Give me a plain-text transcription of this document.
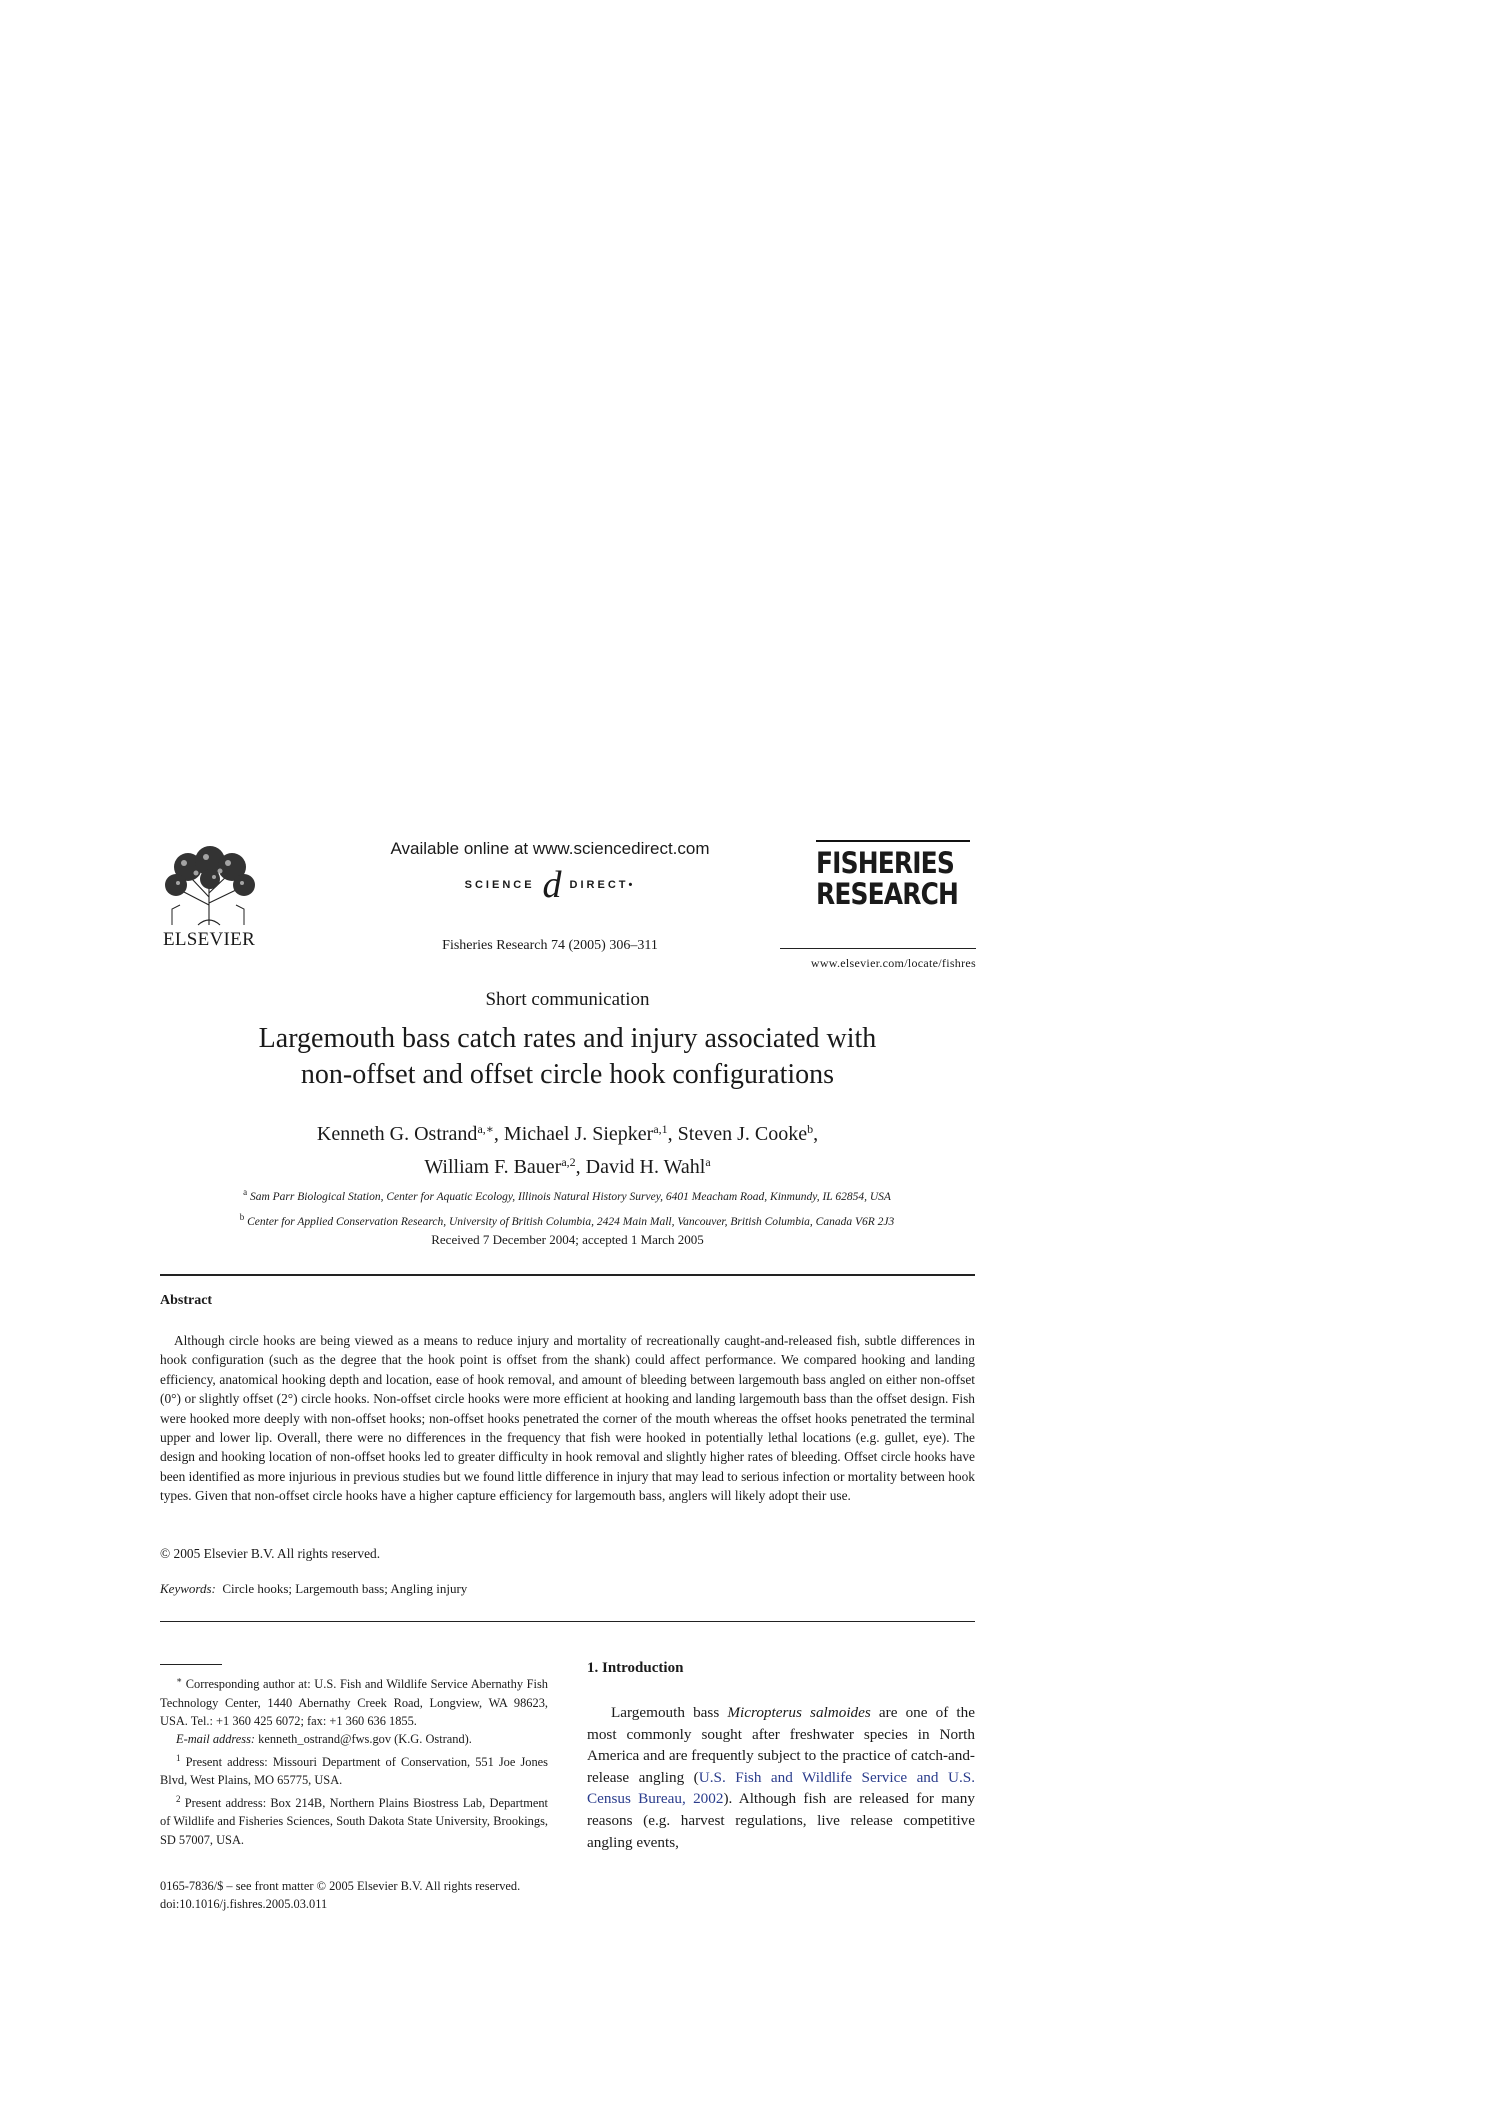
ELSEVIER
Available online at www.sciencedirect.com
SCIENCE d DIRECT•
Fisheries Research 74 (2005) 306–311
FISHERIES
RESEARCH
www.elsevier.com/locate/fishres
Short communication
Largemouth bass catch rates and injury associated with
non-offset and offset circle hook configurations
Kenneth G. Ostrand$^{a,∗}$, Michael J. Siepker$^{a,1}$, Steven J. Cooke$^b$,
William F. Bauer$^{a,2}$, David H. Wahl$^a$
$^a$ Sam Parr Biological Station, Center for Aquatic Ecology, Illinois Natural History Survey, 6401 Meacham Road, Kinmundy, IL 62854, USA
$^b$ Center for Applied Conservation Research, University of British Columbia, 2424 Main Mall, Vancouver, British Columbia, Canada V6R 2J3
Received 7 December 2004; accepted 1 March 2005
Abstract
Although circle hooks are being viewed as a means to reduce injury and mortality of recreationally caught-and-released fish, subtle differences in hook configuration (such as the degree that the hook point is offset from the shank) could affect performance. We compared hooking and landing efficiency, anatomical hooking depth and location, ease of hook removal, and amount of bleeding between largemouth bass angled on either non-offset (0°) or slightly offset (2°) circle hooks. Non-offset circle hooks were more efficient at hooking and landing largemouth bass than the offset design. Fish were hooked more deeply with non-offset hooks; non-offset hooks penetrated the corner of the mouth whereas the offset hooks penetrated the terminal upper and lower lip. Overall, there were no differences in the frequency that fish were hooked in potentially lethal locations (e.g. gullet, eye). The design and hooking location of non-offset hooks led to greater difficulty in hook removal and slightly higher rates of bleeding. Offset circle hooks have been identified as more injurious in previous studies but we found little difference in injury that may lead to serious infection or mortality between hook types. Given that non-offset circle hooks have a higher capture efficiency for largemouth bass, anglers will likely adopt their use.
© 2005 Elsevier B.V. All rights reserved.
Keywords: Circle hooks; Largemouth bass; Angling injury

∗ Corresponding author at: U.S. Fish and Wildlife Service Abernathy Fish Technology Center, 1440 Abernathy Creek Road, Longview, WA 98623, USA. Tel.: +1 360 425 6072; fax: +1 360 636 1855.

E-mail address: kenneth_ostrand@fws.gov (K.G. Ostrand).

$^1$ Present address: Missouri Department of Conservation, 551 Joe Jones Blvd, West Plains, MO 65775, USA.

$^2$ Present address: Box 214B, Northern Plains Biostress Lab, Department of Wildlife and Fisheries Sciences, South Dakota State University, Brookings, SD 57007, USA.

0165-7836/$ – see front matter © 2005 Elsevier B.V. All rights reserved.
doi:10.1016/j.fishres.2005.03.011
1. Introduction
Largemouth bass Micropterus salmoides are one of the most commonly sought after freshwater species in North America and are frequently subject to the practice of catch-and-release angling (U.S. Fish and Wildlife Service and U.S. Census Bureau, 2002). Although fish are released for many reasons (e.g. harvest regulations, live release competitive angling events,
